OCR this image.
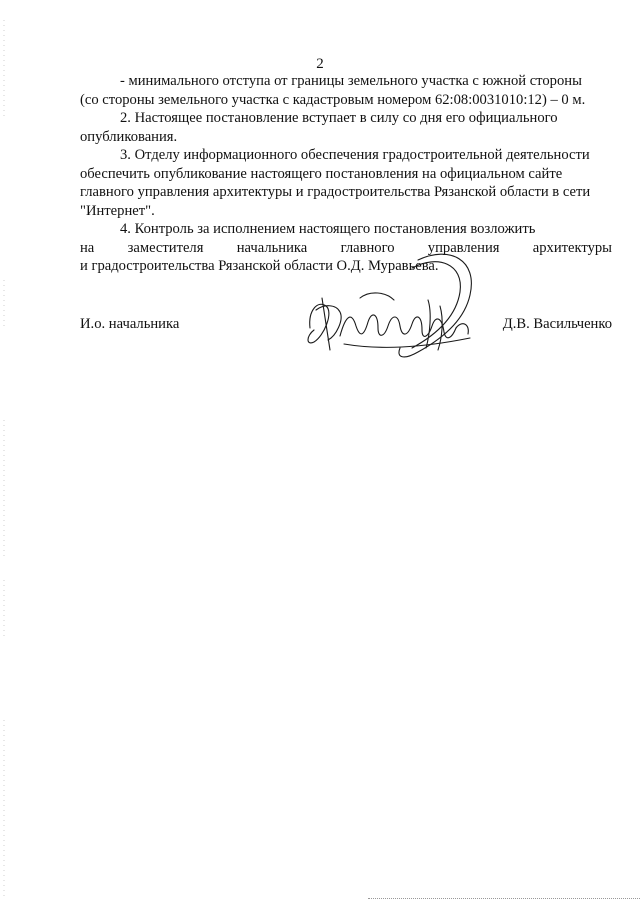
2
- минимального отступа от границы земельного участка с южной стороны
(со стороны земельного участка с кадастровым номером 62:08:0031010:12) – 0 м.
2. Настоящее постановление вступает в силу со дня его официального
опубликования.
3. Отделу информационного обеспечения градостроительной деятельности
обеспечить опубликование настоящего постановления на официальном сайте
главного управления архитектуры и градостроительства Рязанской области в сети
"Интернет".
4. Контроль за исполнением настоящего постановления возложить
на заместителя начальника главного управления архитектуры
и градостроительства Рязанской области О.Д. Муравьева.
И.о. начальника	Д.В. Васильченко
